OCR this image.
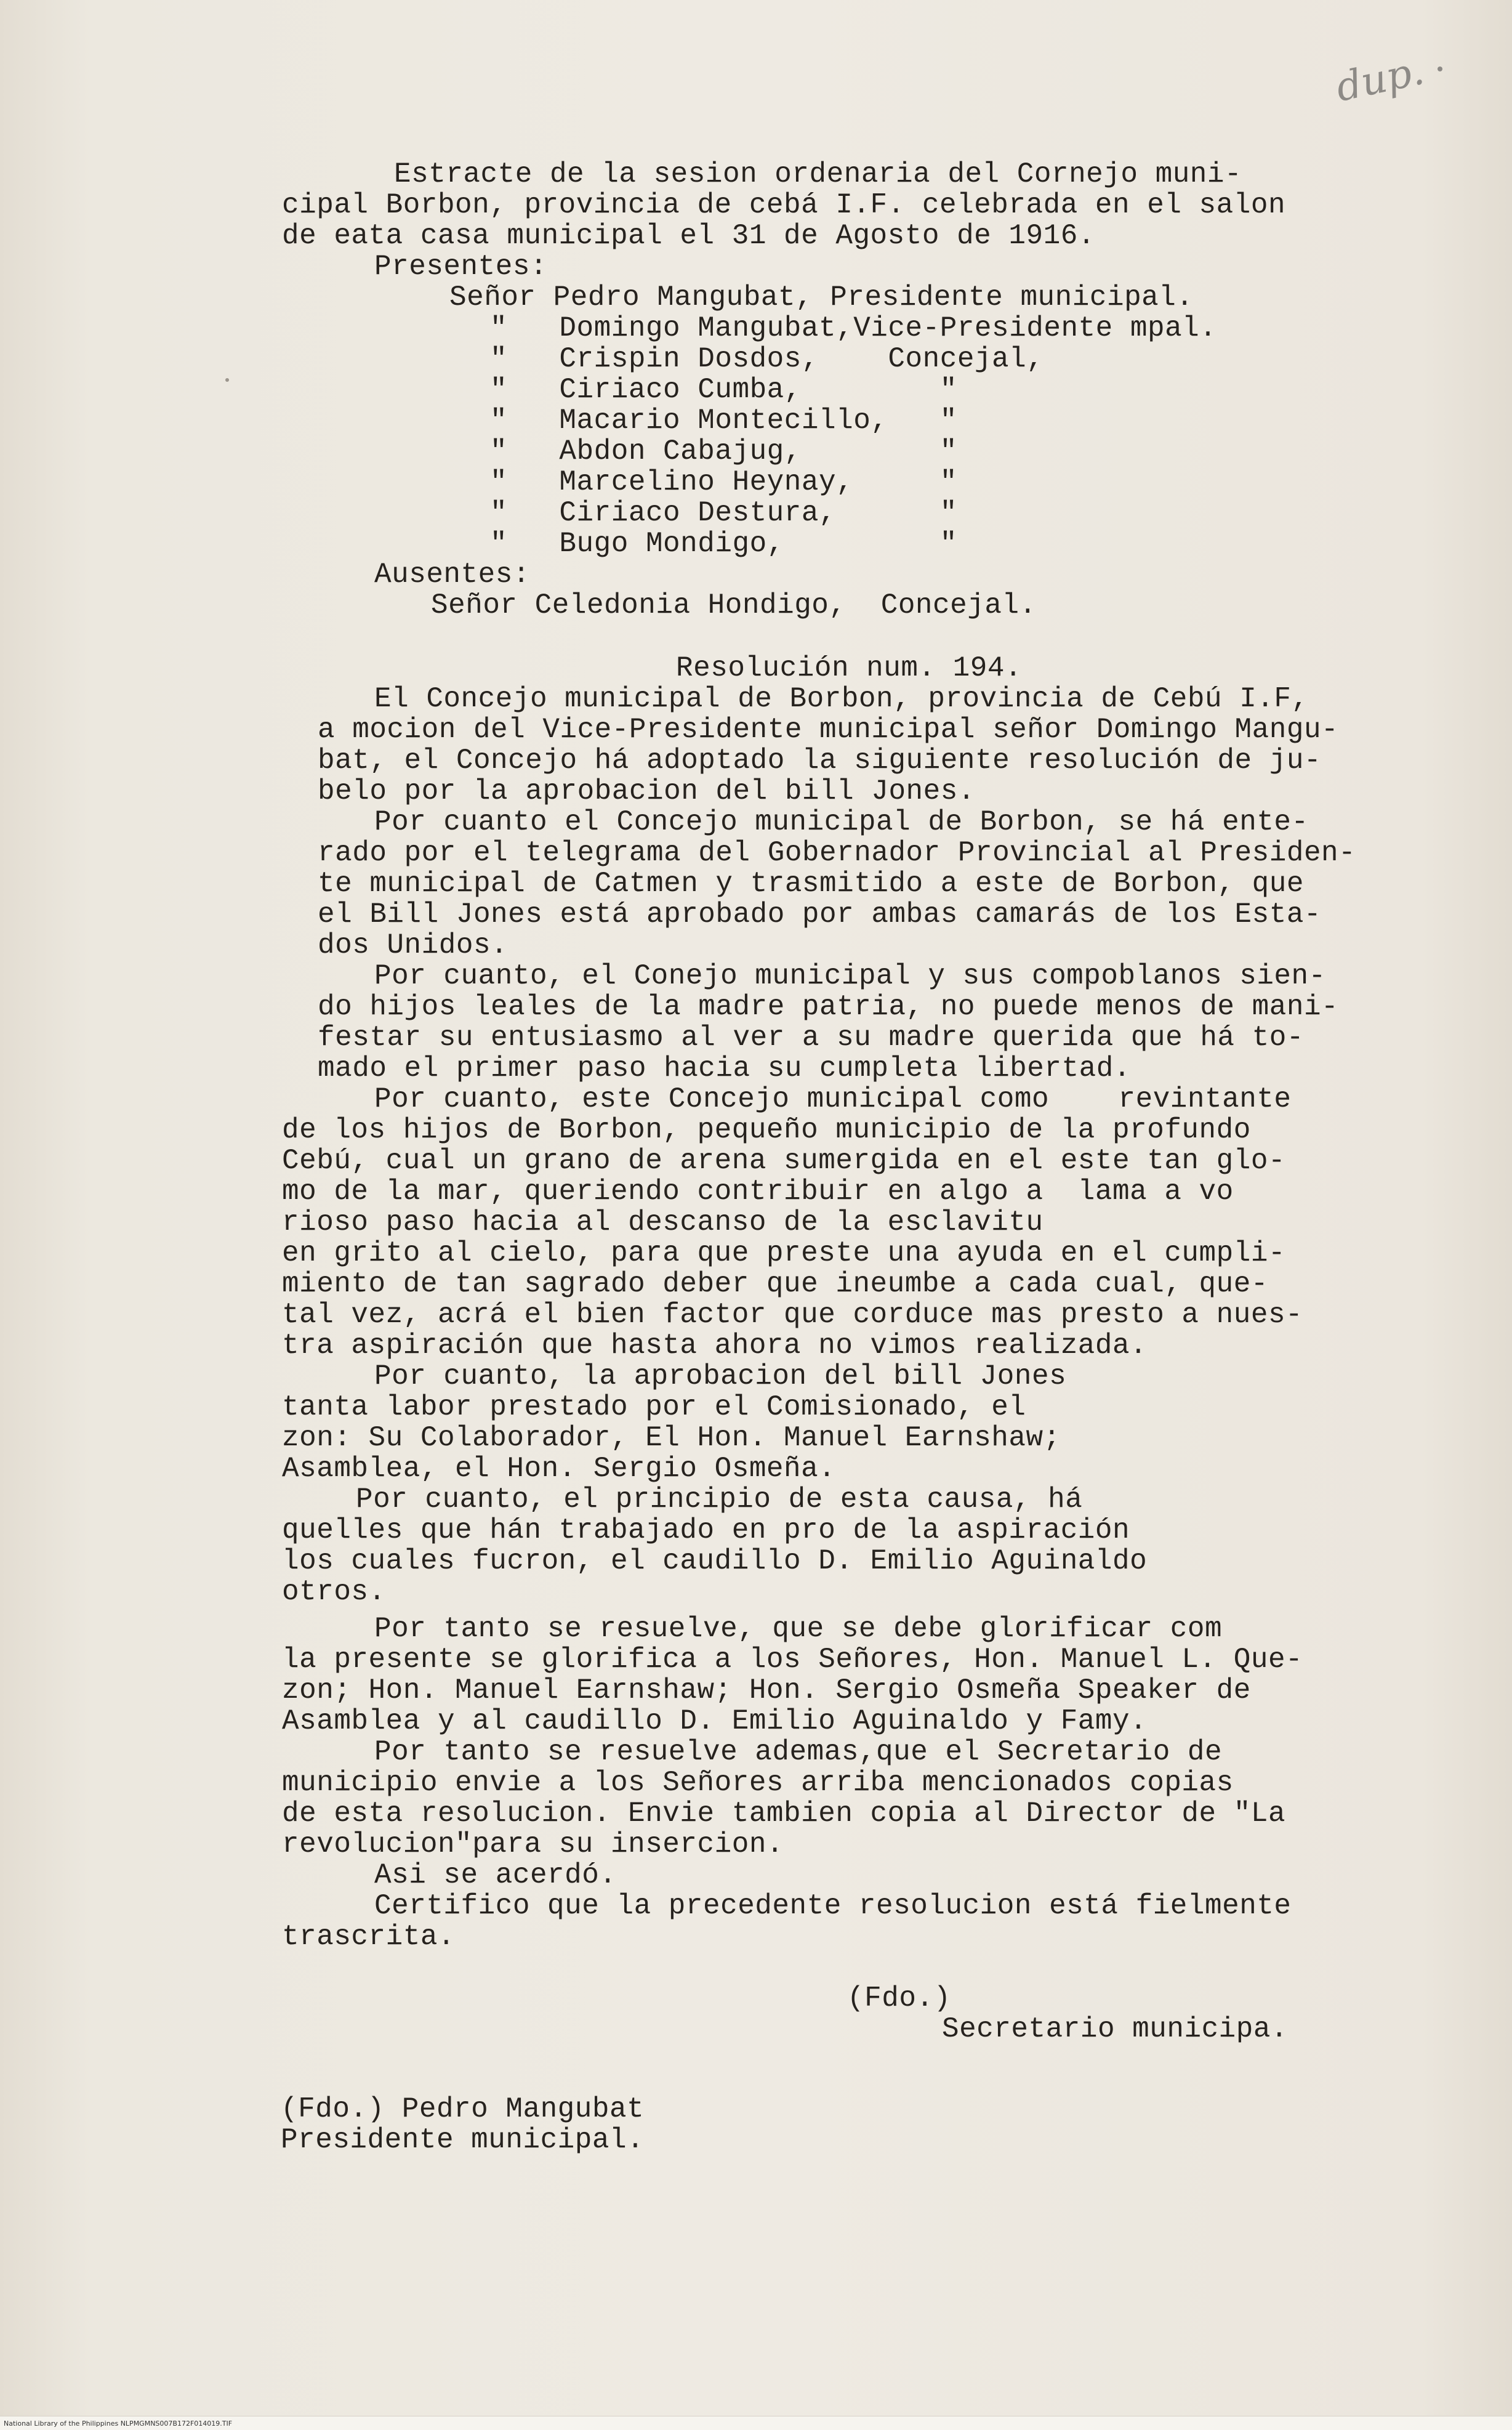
dup.

Estracte de la sesion ordenaria del Cornejo muni-

cipal Borbon, provincia de cebá I.F. celebrada en el salon

de eata casa municipal el 31 de Agosto de 1916.

Presentes:

Señor Pedro Mangubat, Presidente municipal.

"   Domingo Mangubat,Vice-Presidente mpal.

"   Crispin Dosdos,    Concejal,

"   Ciriaco Cumba,        "

"   Macario Montecillo,   "

"   Abdon Cabajug,        "

"   Marcelino Heynay,     "

"   Ciriaco Destura,      "

"   Bugo Mondigo,         "

Ausentes:

Señor Celedonia Hondigo,  Concejal.

Resolución num. 194.

El Concejo municipal de Borbon, provincia de Cebú I.F,

a mocion del Vice-Presidente municipal señor Domingo Mangu-

bat, el Concejo há adoptado la siguiente resolución de ju-

belo por la aprobacion del bill Jones.

Por cuanto el Concejo municipal de Borbon, se há ente-

rado por el telegrama del Gobernador Provincial al Presiden-

te municipal de Catmen y trasmitido a este de Borbon, que

el Bill Jones está aprobado por ambas camarás de los Esta-

dos Unidos.

Por cuanto, el Conejo municipal y sus compoblanos sien-

do hijos leales de la madre patria, no puede menos de mani-

festar su entusiasmo al ver a su madre querida que há to-

mado el primer paso hacia su cumpleta libertad.

Por cuanto, este Concejo municipal como    revintante

de los hijos de Borbon, pequeño municipio de la profundo

Cebú, cual un grano de arena sumergida en el este tan glo-

mo de la mar, queriendo contribuir en algo a  lama a vo

rioso paso hacia al descanso de la esclavitu

en grito al cielo, para que preste una ayuda en el cumpli-

miento de tan sagrado deber que ineumbe a cada cual, que-

tal vez, acrá el bien factor que corduce mas presto a nues-

tra aspiración que hasta ahora no vimos realizada.

Por cuanto, la aprobacion del bill Jones

tanta labor prestado por el Comisionado, el

zon: Su Colaborador, El Hon. Manuel Earnshaw;

Asamblea, el Hon. Sergio Osmeña.

Por cuanto, el principio de esta causa, há

quelles que hán trabajado en pro de la aspiración

los cuales fucron, el caudillo D. Emilio Aguinaldo

otros.

Por tanto se resuelve, que se debe glorificar com

la presente se glorifica a los Señores, Hon. Manuel L. Que-

zon; Hon. Manuel Earnshaw; Hon. Sergio Osmeña Speaker de

Asamblea y al caudillo D. Emilio Aguinaldo y Famy.

Por tanto se resuelve ademas,que el Secretario de

municipio envie a los Señores arriba mencionados copias

de esta resolucion. Envie tambien copia al Director de "La

revolucion"para su insercion.

Asi se acerdó.

Certifico que la precedente resolucion está fielmente

trascrita.

(Fdo.)

Secretario municipa.

(Fdo.) Pedro Mangubat

Presidente municipal.

National Library of the Philippines NLPMGMNS007B172F014019.TIF
